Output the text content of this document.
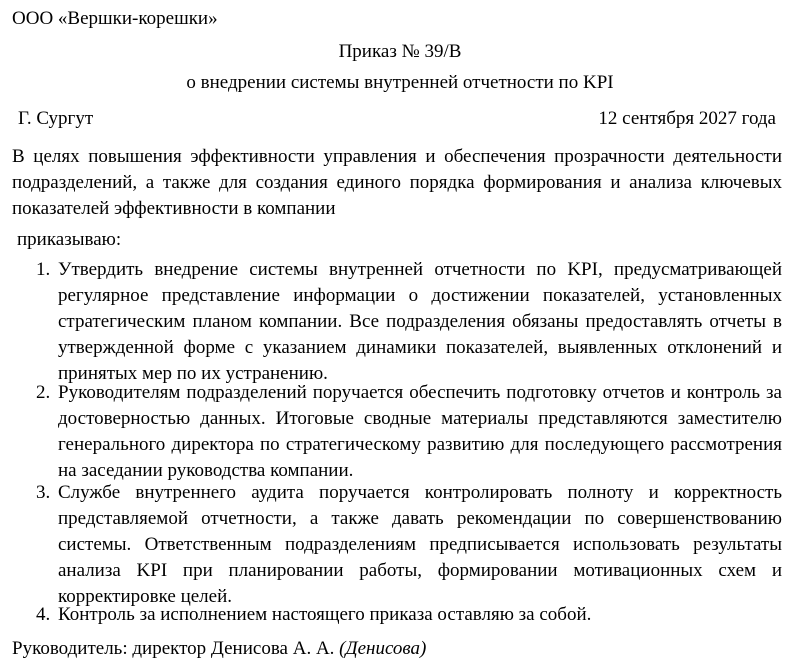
ООО «Вершки-корешки»
Приказ № 39/В
о внедрении системы внутренней отчетности по KPI
Г. Сургут	12 сентября 2027 года
В целях повышения эффективности управления и обеспечения прозрачности деятельности подразделений, а также для создания единого порядка формирования и анализа ключевых показателей эффективности в компании
приказываю:
1. Утвердить внедрение системы внутренней отчетности по KPI, предусматривающей регулярное представление информации о достижении показателей, установленных стратегическим планом компании. Все подразделения обязаны предоставлять отчеты в утвержденной форме с указанием динамики показателей, выявленных отклонений и принятых мер по их устранению.
2. Руководителям подразделений поручается обеспечить подготовку отчетов и контроль за достоверностью данных. Итоговые сводные материалы представляются заместителю генерального директора по стратегическому развитию для последующего рассмотрения на заседании руководства компании.
3. Службе внутреннего аудита поручается контролировать полноту и корректность представляемой отчетности, а также давать рекомендации по совершенствованию системы. Ответственным подразделениям предписывается использовать результаты анализа KPI при планировании работы, формировании мотивационных схем и корректировке целей.
4. Контроль за исполнением настоящего приказа оставляю за собой.
Руководитель: директор Денисова А. А. (Денисова)
